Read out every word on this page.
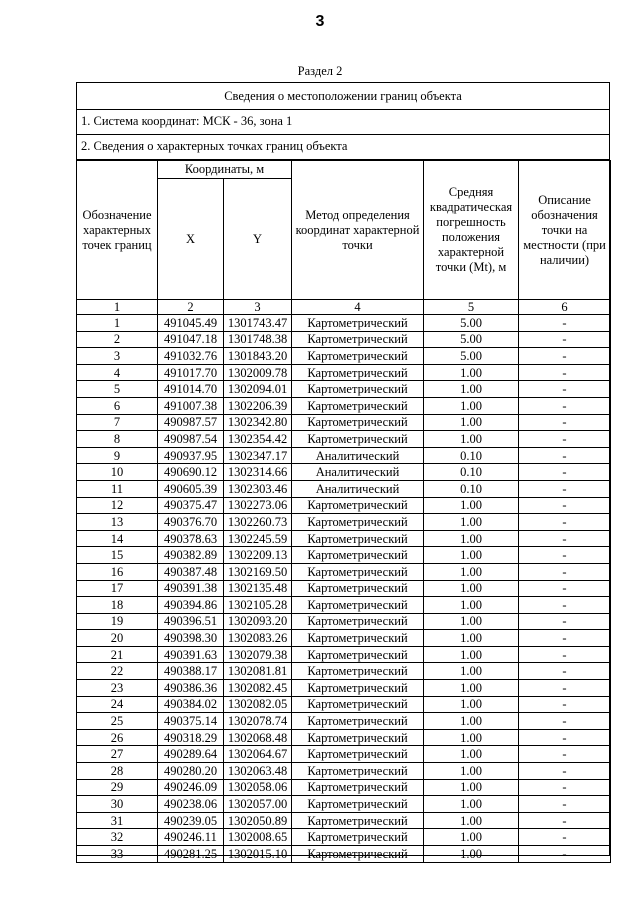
3
Раздел 2
Сведения о местоположении границ объекта
1. Система координат: МСК - 36, зона 1
2. Сведения о характерных точках границ объекта
Обозначение характерных точек границ	Координаты, м		Метод определения координат характерной точки	Средняя квадратическая погрешность положения характерной точки (Mt), м	Описание обозначения точки на местности (при наличии)
	X	Y			
1	2	3	4	5	6
1	491045.49	1301743.47	Картометрический	5.00	-
2	491047.18	1301748.38	Картометрический	5.00	-
3	491032.76	1301843.20	Картометрический	5.00	-
4	491017.70	1302009.78	Картометрический	1.00	-
5	491014.70	1302094.01	Картометрический	1.00	-
6	491007.38	1302206.39	Картометрический	1.00	-
7	490987.57	1302342.80	Картометрический	1.00	-
8	490987.54	1302354.42	Картометрический	1.00	-
9	490937.95	1302347.17	Аналитический	0.10	-
10	490690.12	1302314.66	Аналитический	0.10	-
11	490605.39	1302303.46	Аналитический	0.10	-
12	490375.47	1302273.06	Картометрический	1.00	-
13	490376.70	1302260.73	Картометрический	1.00	-
14	490378.63	1302245.59	Картометрический	1.00	-
15	490382.89	1302209.13	Картометрический	1.00	-
16	490387.48	1302169.50	Картометрический	1.00	-
17	490391.38	1302135.48	Картометрический	1.00	-
18	490394.86	1302105.28	Картометрический	1.00	-
19	490396.51	1302093.20	Картометрический	1.00	-
20	490398.30	1302083.26	Картометрический	1.00	-
21	490391.63	1302079.38	Картометрический	1.00	-
22	490388.17	1302081.81	Картометрический	1.00	-
23	490386.36	1302082.45	Картометрический	1.00	-
24	490384.02	1302082.05	Картометрический	1.00	-
25	490375.14	1302078.74	Картометрический	1.00	-
26	490318.29	1302068.48	Картометрический	1.00	-
27	490289.64	1302064.67	Картометрический	1.00	-
28	490280.20	1302063.48	Картометрический	1.00	-
29	490246.09	1302058.06	Картометрический	1.00	-
30	490238.06	1302057.00	Картометрический	1.00	-
31	490239.05	1302050.89	Картометрический	1.00	-
32	490246.11	1302008.65	Картометрический	1.00	-
33	490281.25	1302015.10	Картометрический	1.00	-
